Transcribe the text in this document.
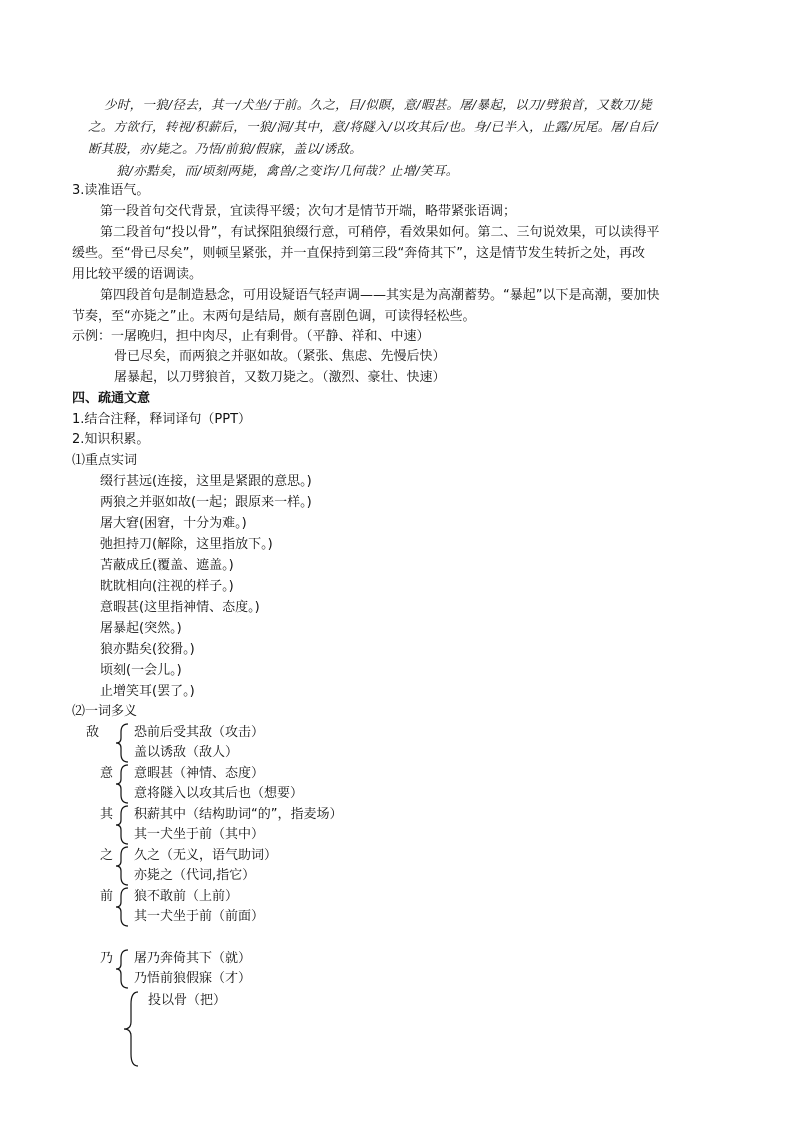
少时，一狼/径去，其一/犬坐/于前。久之，目/似瞑，意/暇甚。屠/暴起，以刀/劈狼首，又数刀/毙
之。方欲行，转视/积薪后，一狼/洞/其中，意/将隧入/以攻其后/也。身/已半入，止露/尻尾。屠/自后/
断其股，亦/毙之。乃悟/前狼/假寐，盖以/诱敌。
狼/亦黠矣，而/顷刻两毙，禽兽/之变诈/几何哉？止增/笑耳。
3.读准语气。
第一段首句交代背景，宜读得平缓；次句才是情节开端，略带紧张语调；
第二段首句“投以骨”，有试探阻狼缀行意，可稍停，看效果如何。第二、三句说效果，可以读得平
缓些。至“骨已尽矣”，则顿呈紧张，并一直保持到第三段“奔倚其下”，这是情节发生转折之处，再改
用比较平缓的语调读。
第四段首句是制造悬念，可用设疑语气轻声调——其实是为高潮蓄势。“暴起”以下是高潮，要加快
节奏，至“亦毙之”止。末两句是结局，颇有喜剧色调，可读得轻松些。
示例：一屠晚归，担中肉尽，止有剩骨。（平静、祥和、中速）
骨已尽矣，而两狼之并驱如故。（紧张、焦虑、先慢后快）
屠暴起，以刀劈狼首，又数刀毙之。（激烈、豪壮、快速）
四、疏通文意
1.结合注释，释词译句（PPT）
2.知识积累。
⑴重点实词
缀行甚远(连接，这里是紧跟的意思。)
两狼之并驱如故(一起；跟原来一样。)
屠大窘(困窘，十分为难。)
弛担持刀(解除，这里指放下。)
苫蔽成丘(覆盖、遮盖。)
眈眈相向(注视的样子。)
意暇甚(这里指神情、态度。)
屠暴起(突然。)
狼亦黠矣(狡猾。)
顷刻(一会儿。)
止增笑耳(罢了。)
⑵一词多义
敌	恐前后受其敌（攻击）
盖以诱敌（敌人）
意 意暇甚（神情、态度）
意将隧入以攻其后也（想要）
其 积薪其中（结构助词“的”，指麦场）
其一犬坐于前（其中）
之 久之（无义，语气助词）
亦毙之（代词,指它）
前 狼不敢前（上前）
其一犬坐于前（前面）
乃 屠乃奔倚其下（就）
乃悟前狼假寐（才）
投以骨（把）
